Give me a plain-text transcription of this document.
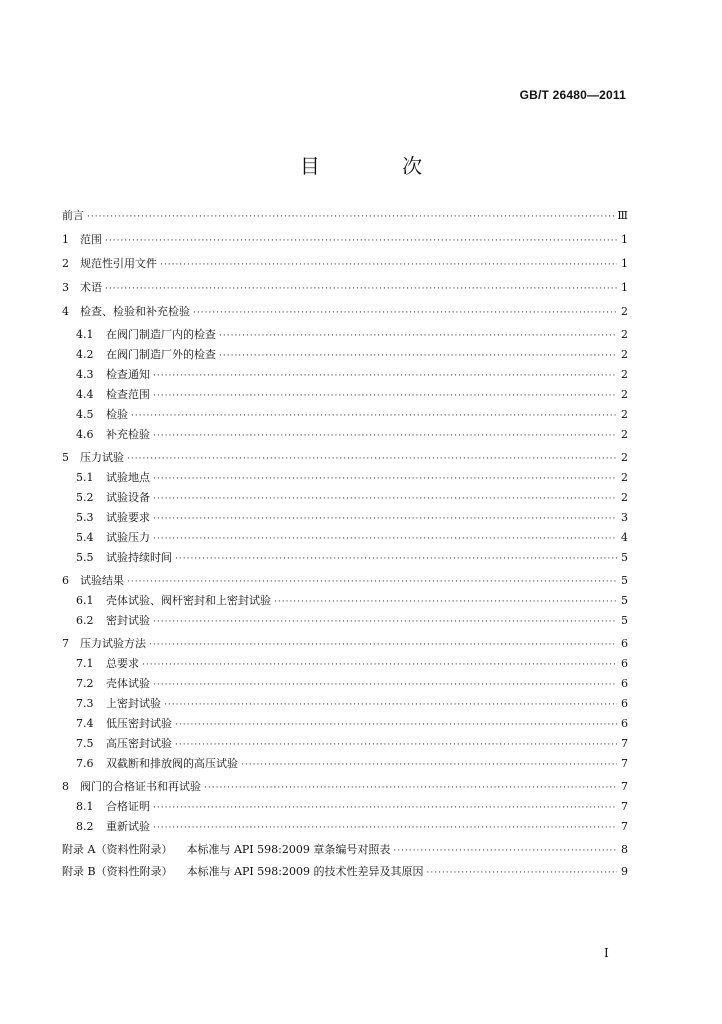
GB/T 26480—2011
目 次
前言 ·····	Ⅲ
1	范围 ·····	1
2	规范性引用文件 ·····	1
3	术语 ·····	1
4	检查、检验和补充检验 ·····	2
4.1	在阀门制造厂内的检查 ·····	2
4.2	在阀门制造厂外的检查 ·····	2
4.3	检查通知 ·····	2
4.4	检查范围 ·····	2
4.5	检验 ·····	2
4.6	补充检验 ·····	2
5	压力试验 ·····	2
5.1	试验地点 ·····	2
5.2	试验设备 ·····	2
5.3	试验要求 ·····	3
5.4	试验压力 ·····	4
5.5	试验持续时间 ·····	5
6	试验结果 ·····	5
6.1	壳体试验、阀杆密封和上密封试验 ·····	5
6.2	密封试验 ·····	5
7	压力试验方法 ·····	6
7.1	总要求 ·····	6
7.2	壳体试验 ·····	6
7.3	上密封试验 ·····	6
7.4	低压密封试验 ·····	6
7.5	高压密封试验 ·····	7
7.6	双截断和排放阀的高压试验 ·····	7
8	阀门的合格证书和再试验 ·····	7
8.1	合格证明 ·····	7
8.2	重新试验 ·····	7
附录 A（资料性附录） 本标准与 API 598:2009 章条编号对照表 ·····	8
附录 B（资料性附录） 本标准与 API 598:2009 的技术性差异及其原因 ·····	9
I
